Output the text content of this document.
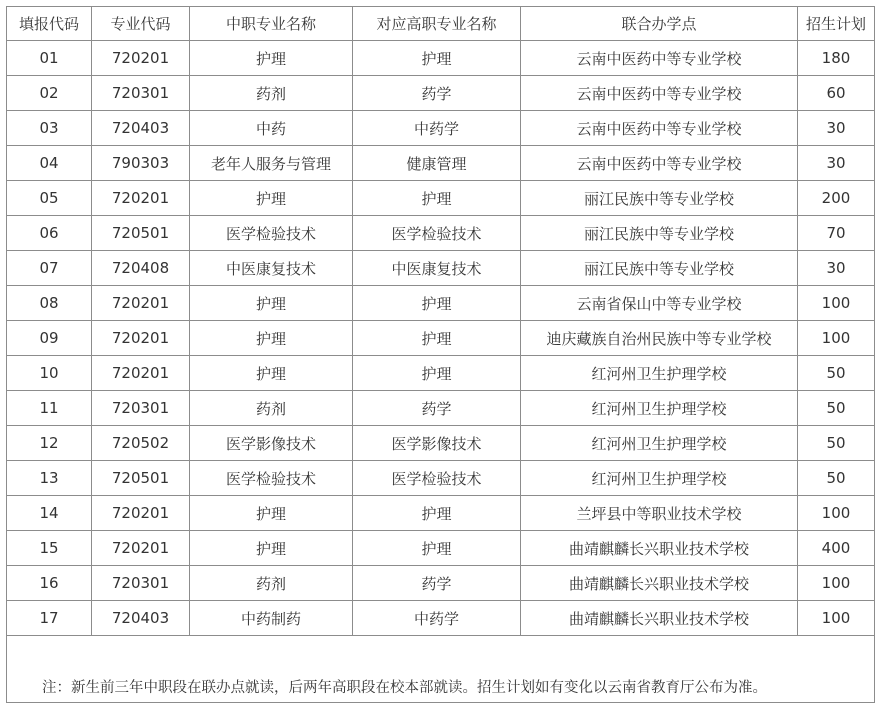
填报代码	专业代码	中职专业名称	对应高职专业名称	联合办学点	招生计划
01	720201	护理	护理	云南中医药中等专业学校	180
02	720301	药剂	药学	云南中医药中等专业学校	60
03	720403	中药	中药学	云南中医药中等专业学校	30
04	790303	老年人服务与管理	健康管理	云南中医药中等专业学校	30
05	720201	护理	护理	丽江民族中等专业学校	200
06	720501	医学检验技术	医学检验技术	丽江民族中等专业学校	70
07	720408	中医康复技术	中医康复技术	丽江民族中等专业学校	30
08	720201	护理	护理	云南省保山中等专业学校	100
09	720201	护理	护理	迪庆藏族自治州民族中等专业学校	100
10	720201	护理	护理	红河州卫生护理学校	50
11	720301	药剂	药学	红河州卫生护理学校	50
12	720502	医学影像技术	医学影像技术	红河州卫生护理学校	50
13	720501	医学检验技术	医学检验技术	红河州卫生护理学校	50
14	720201	护理	护理	兰坪县中等职业技术学校	100
15	720201	护理	护理	曲靖麒麟长兴职业技术学校	400
16	720301	药剂	药学	曲靖麒麟长兴职业技术学校	100
17	720403	中药制药	中药学	曲靖麒麟长兴职业技术学校	100

注：新生前三年中职段在联办点就读，后两年高职段在校本部就读。招生计划如有变化以云南省教育厅公布为准。					
